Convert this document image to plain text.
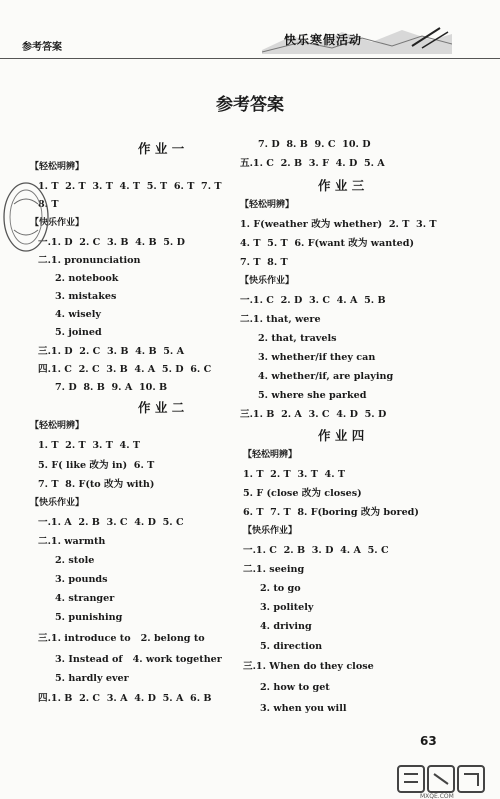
参考答案
快乐寒假活动
参考答案
作 业 一
【轻松明辨】
1. T  2. T  3. T  4. T  5. T  6. T  7. T
8. T
【快乐作业】
一.1. D  2. C  3. B  4. B  5. D
二.1. pronunciation
2. notebook
3. mistakes
4. wisely
5. joined
三.1. D  2. C  3. B  4. B  5. A
四.1. C  2. C  3. B  4. A  5. D  6. C
7. D  8. B  9. A  10. B
作 业 二
【轻松明辨】
1. T  2. T  3. T  4. T
5. F( like 改为 in)  6. T
7. T  8. F(to 改为 with)
【快乐作业】
一.1. A  2. B  3. C  4. D  5. C
二.1. warmth
2. stole
3. pounds
4. stranger
5. punishing
三.1. introduce to   2. belong to
3. Instead of   4. work together
5. hardly ever
四.1. B  2. C  3. A  4. D  5. A  6. B
7. D  8. B  9. C  10. D
五.1. C  2. B  3. F  4. D  5. A
作 业 三
【轻松明辨】
1. F(weather 改为 whether)  2. T  3. T
4. T  5. T  6. F(want 改为 wanted)
7. T  8. T
【快乐作业】
一.1. C  2. D  3. C  4. A  5. B
二.1. that, were
2. that, travels
3. whether/if they can
4. whether/if, are playing
5. where she parked
三.1. B  2. A  3. C  4. D  5. D
作 业 四
【轻松明辨】
1. T  2. T  3. T  4. T
5. F (close 改为 closes)
6. T  7. T  8. F(boring 改为 bored)
【快乐作业】
一.1. C  2. B  3. D  4. A  5. C
二.1. seeing
2. to go
3. politely
4. driving
5. direction
三.1. When do they close
2. how to get
3. when you will
63
MXQE.COM
